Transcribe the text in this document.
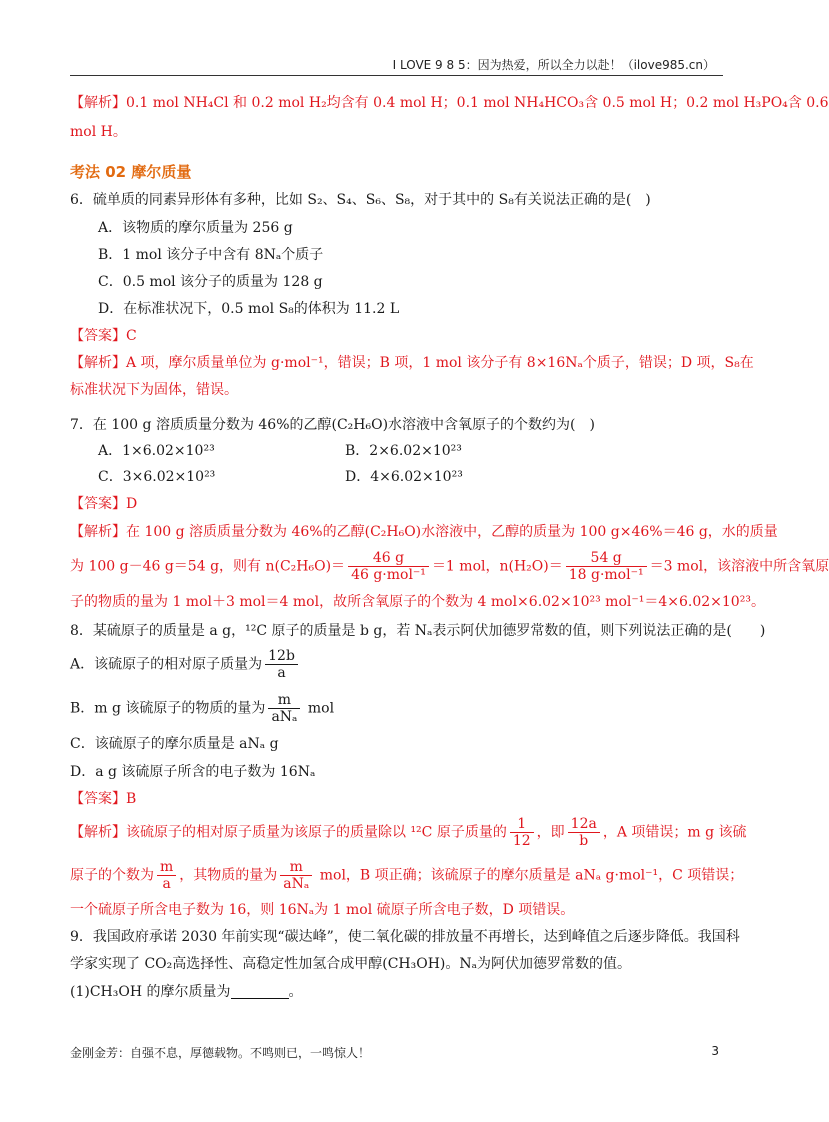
I LOVE 9 8 5：因为热爱，所以全力以赴！（ilove985.cn）
【解析】0.1 mol NH₄Cl 和 0.2 mol H₂均含有 0.4 mol H；0.1 mol NH₄HCO₃含 0.5 mol H；0.2 mol H₃PO₄含 0.6
mol H。
考法 02 摩尔质量
6．硫单质的同素异形体有多种，比如 S₂、S₄、S₆、S₈，对于其中的 S₈有关说法正确的是(　)
A．该物质的摩尔质量为 256 g
B．1 mol 该分子中含有 8Nₐ个质子
C．0.5 mol 该分子的质量为 128 g
D．在标准状况下，0.5 mol S₈的体积为 11.2 L
【答案】C
【解析】A 项，摩尔质量单位为 g·mol⁻¹，错误；B 项，1 mol 该分子有 8×16Nₐ个质子，错误；D 项，S₈在
标准状况下为固体，错误。
7．在 100 g 溶质质量分数为 46%的乙醇(C₂H₆O)水溶液中含氧原子的个数约为(　)
A．1×6.02×10²³	B．2×6.02×10²³
C．3×6.02×10²³	D．4×6.02×10²³
【答案】D
【解析】在 100 g 溶质质量分数为 46%的乙醇(C₂H₆O)水溶液中，乙醇的质量为 100 g×46%＝46 g，水的质量
为 100 g－46 g＝54 g，则有 $n(C_2H_6O)= \frac{46 g}{\text{46 g·mol⁻¹}} =1$ mol，$n(H_2O)= \frac{54 g}{\text{18 g·mol⁻¹}} =3$ mol，该溶液中所含氧原
子的物质的量为 1 mol＋3 mol＝4 mol，故所含氧原子的个数为 4 mol×6.02×10²³ mol⁻¹＝4×6.02×10²³。
8．某硫原子的质量是 a g，¹²C 原子的质量是 b g，若 Nₐ表示阿伏加德罗常数的值，则下列说法正确的是(　　)
A．该硫原子的相对原子质量为 $\frac{12b}{a}$
B．m g 该硫原子的物质的量为 $\frac{m}{\text{aNₐ}}$ mol
C．该硫原子的摩尔质量是 aNₐ g
D．a g 该硫原子所含的电子数为 16Nₐ
【答案】B
【解析】该硫原子的相对原子质量为该原子的质量除以 ¹²C 原子质量的 $\frac{1}{12}$ ，即 $\frac{12a}{b}$ ，A 项错误；m g 该硫
原子的个数为 $\frac{m}{a}$ ，其物质的量为 $\frac{m}{\text{aNₐ}}$ mol，B 项正确；该硫原子的摩尔质量是 aNₐ g·mol⁻¹，C 项错误；
一个硫原子所含电子数为 16，则 16Nₐ为 1 mol 硫原子所含电子数，D 项错误。
9．我国政府承诺 2030 年前实现“碳达峰”，使二氧化碳的排放量不再增长，达到峰值之后逐步降低。我国科
学家实现了 CO₂高选择性、高稳定性加氢合成甲醇(CH₃OH)。Nₐ为阿伏加德罗常数的值。
(1)CH₃OH 的摩尔质量为	。
金刚金芳：自强不息，厚德载物。不鸣则已，一鸣惊人！	3
